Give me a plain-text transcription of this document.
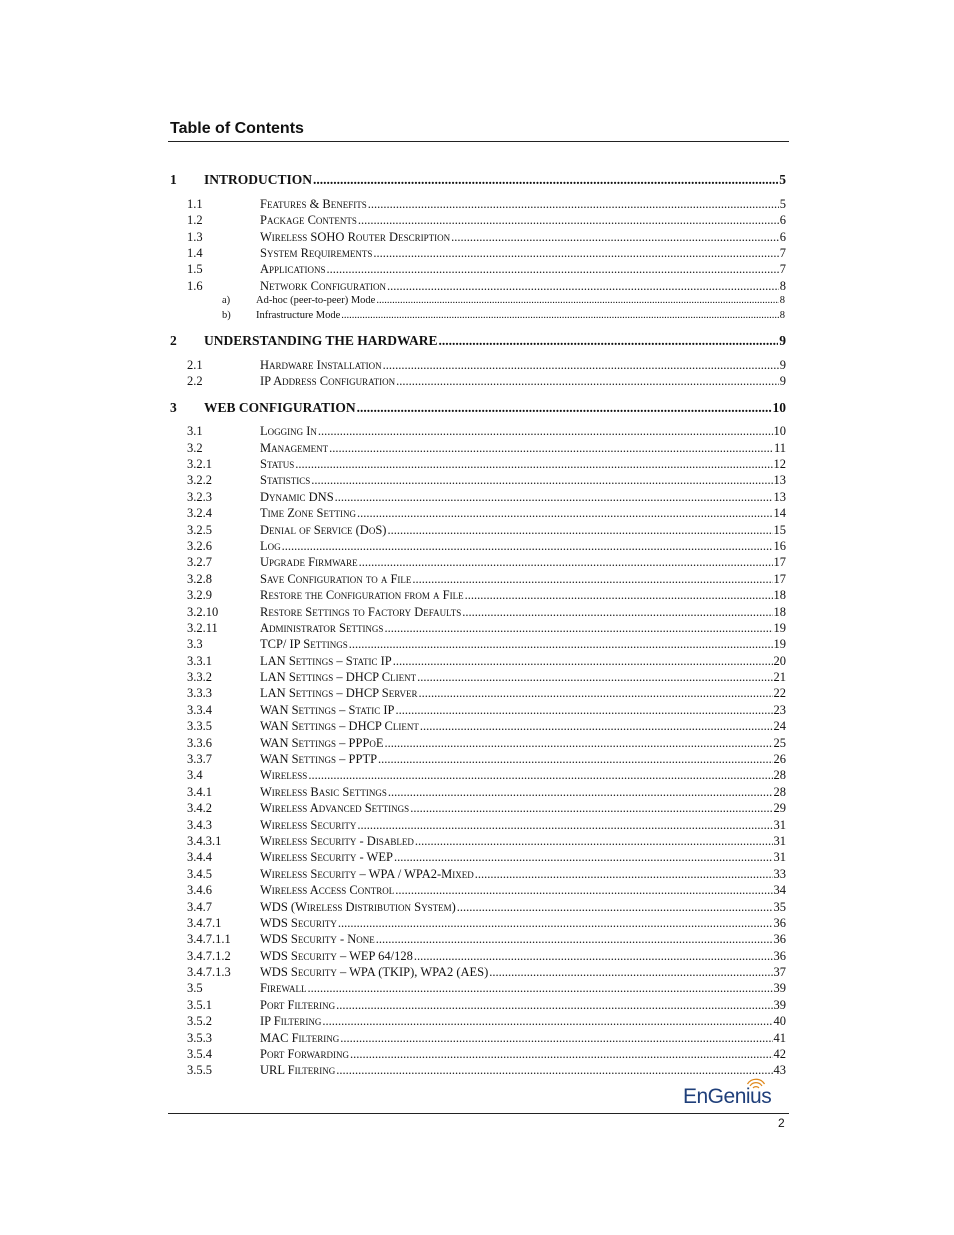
Table of Contents
1	INTRODUCTION .....	5
1.1	Features & Benefits .....	5
1.2	Package Contents .....	6
1.3	Wireless SOHO Router Description .....	6
1.4	System Requirements .....	7
1.5	Applications .....	7
1.6	Network Configuration .....	8
a)	Ad-hoc (peer-to-peer) Mode .....	8
b)	Infrastructure Mode .....	8
2	UNDERSTANDING THE HARDWARE .....	9
2.1	Hardware Installation .....	9
2.2	IP Address Configuration .....	9
3	WEB CONFIGURATION .....	10
3.1	Logging In .....	10
3.2	Management .....	11
3.2.1	Status .....	12
3.2.2	Statistics .....	13
3.2.3	Dynamic DNS .....	13
3.2.4	Time Zone Setting .....	14
3.2.5	Denial of Service (DoS) .....	15
3.2.6	Log .....	16
3.2.7	Upgrade Firmware .....	17
3.2.8	Save Configuration to a File .....	17
3.2.9	Restore the Configuration from a File .....	18
3.2.10	Restore Settings to Factory Defaults .....	18
3.2.11	Administrator Settings .....	19
3.3	TCP/ IP Settings .....	19
3.3.1	LAN Settings – Static IP .....	20
3.3.2	LAN Settings – DHCP Client .....	21
3.3.3	LAN Settings – DHCP Server .....	22
3.3.4	WAN Settings – Static IP .....	23
3.3.5	WAN Settings – DHCP Client .....	24
3.3.6	WAN Settings – PPPoE .....	25
3.3.7	WAN Settings – PPTP .....	26
3.4	Wireless .....	28
3.4.1	Wireless Basic Settings .....	28
3.4.2	Wireless Advanced Settings .....	29
3.4.3	Wireless Security .....	31
3.4.3.1	Wireless Security - Disabled .....	31
3.4.4	Wireless Security - WEP .....	31
3.4.5	Wireless Security – WPA / WPA2-Mixed .....	33
3.4.6	Wireless Access Control .....	34
3.4.7	WDS (Wireless Distribution System) .....	35
3.4.7.1	WDS Security .....	36
3.4.7.1.1	WDS Security - None .....	36
3.4.7.1.2	WDS Security – WEP 64/128 .....	36
3.4.7.1.3	WDS Security – WPA (TKIP), WPA2 (AES) .....	37
3.5	Firewall .....	39
3.5.1	Port Filtering .....	39
3.5.2	IP Filtering .....	40
3.5.3	MAC Filtering .....	41
3.5.4	Port Forwarding .....	42
3.5.5	URL Filtering .....	43
EnGenius
2
